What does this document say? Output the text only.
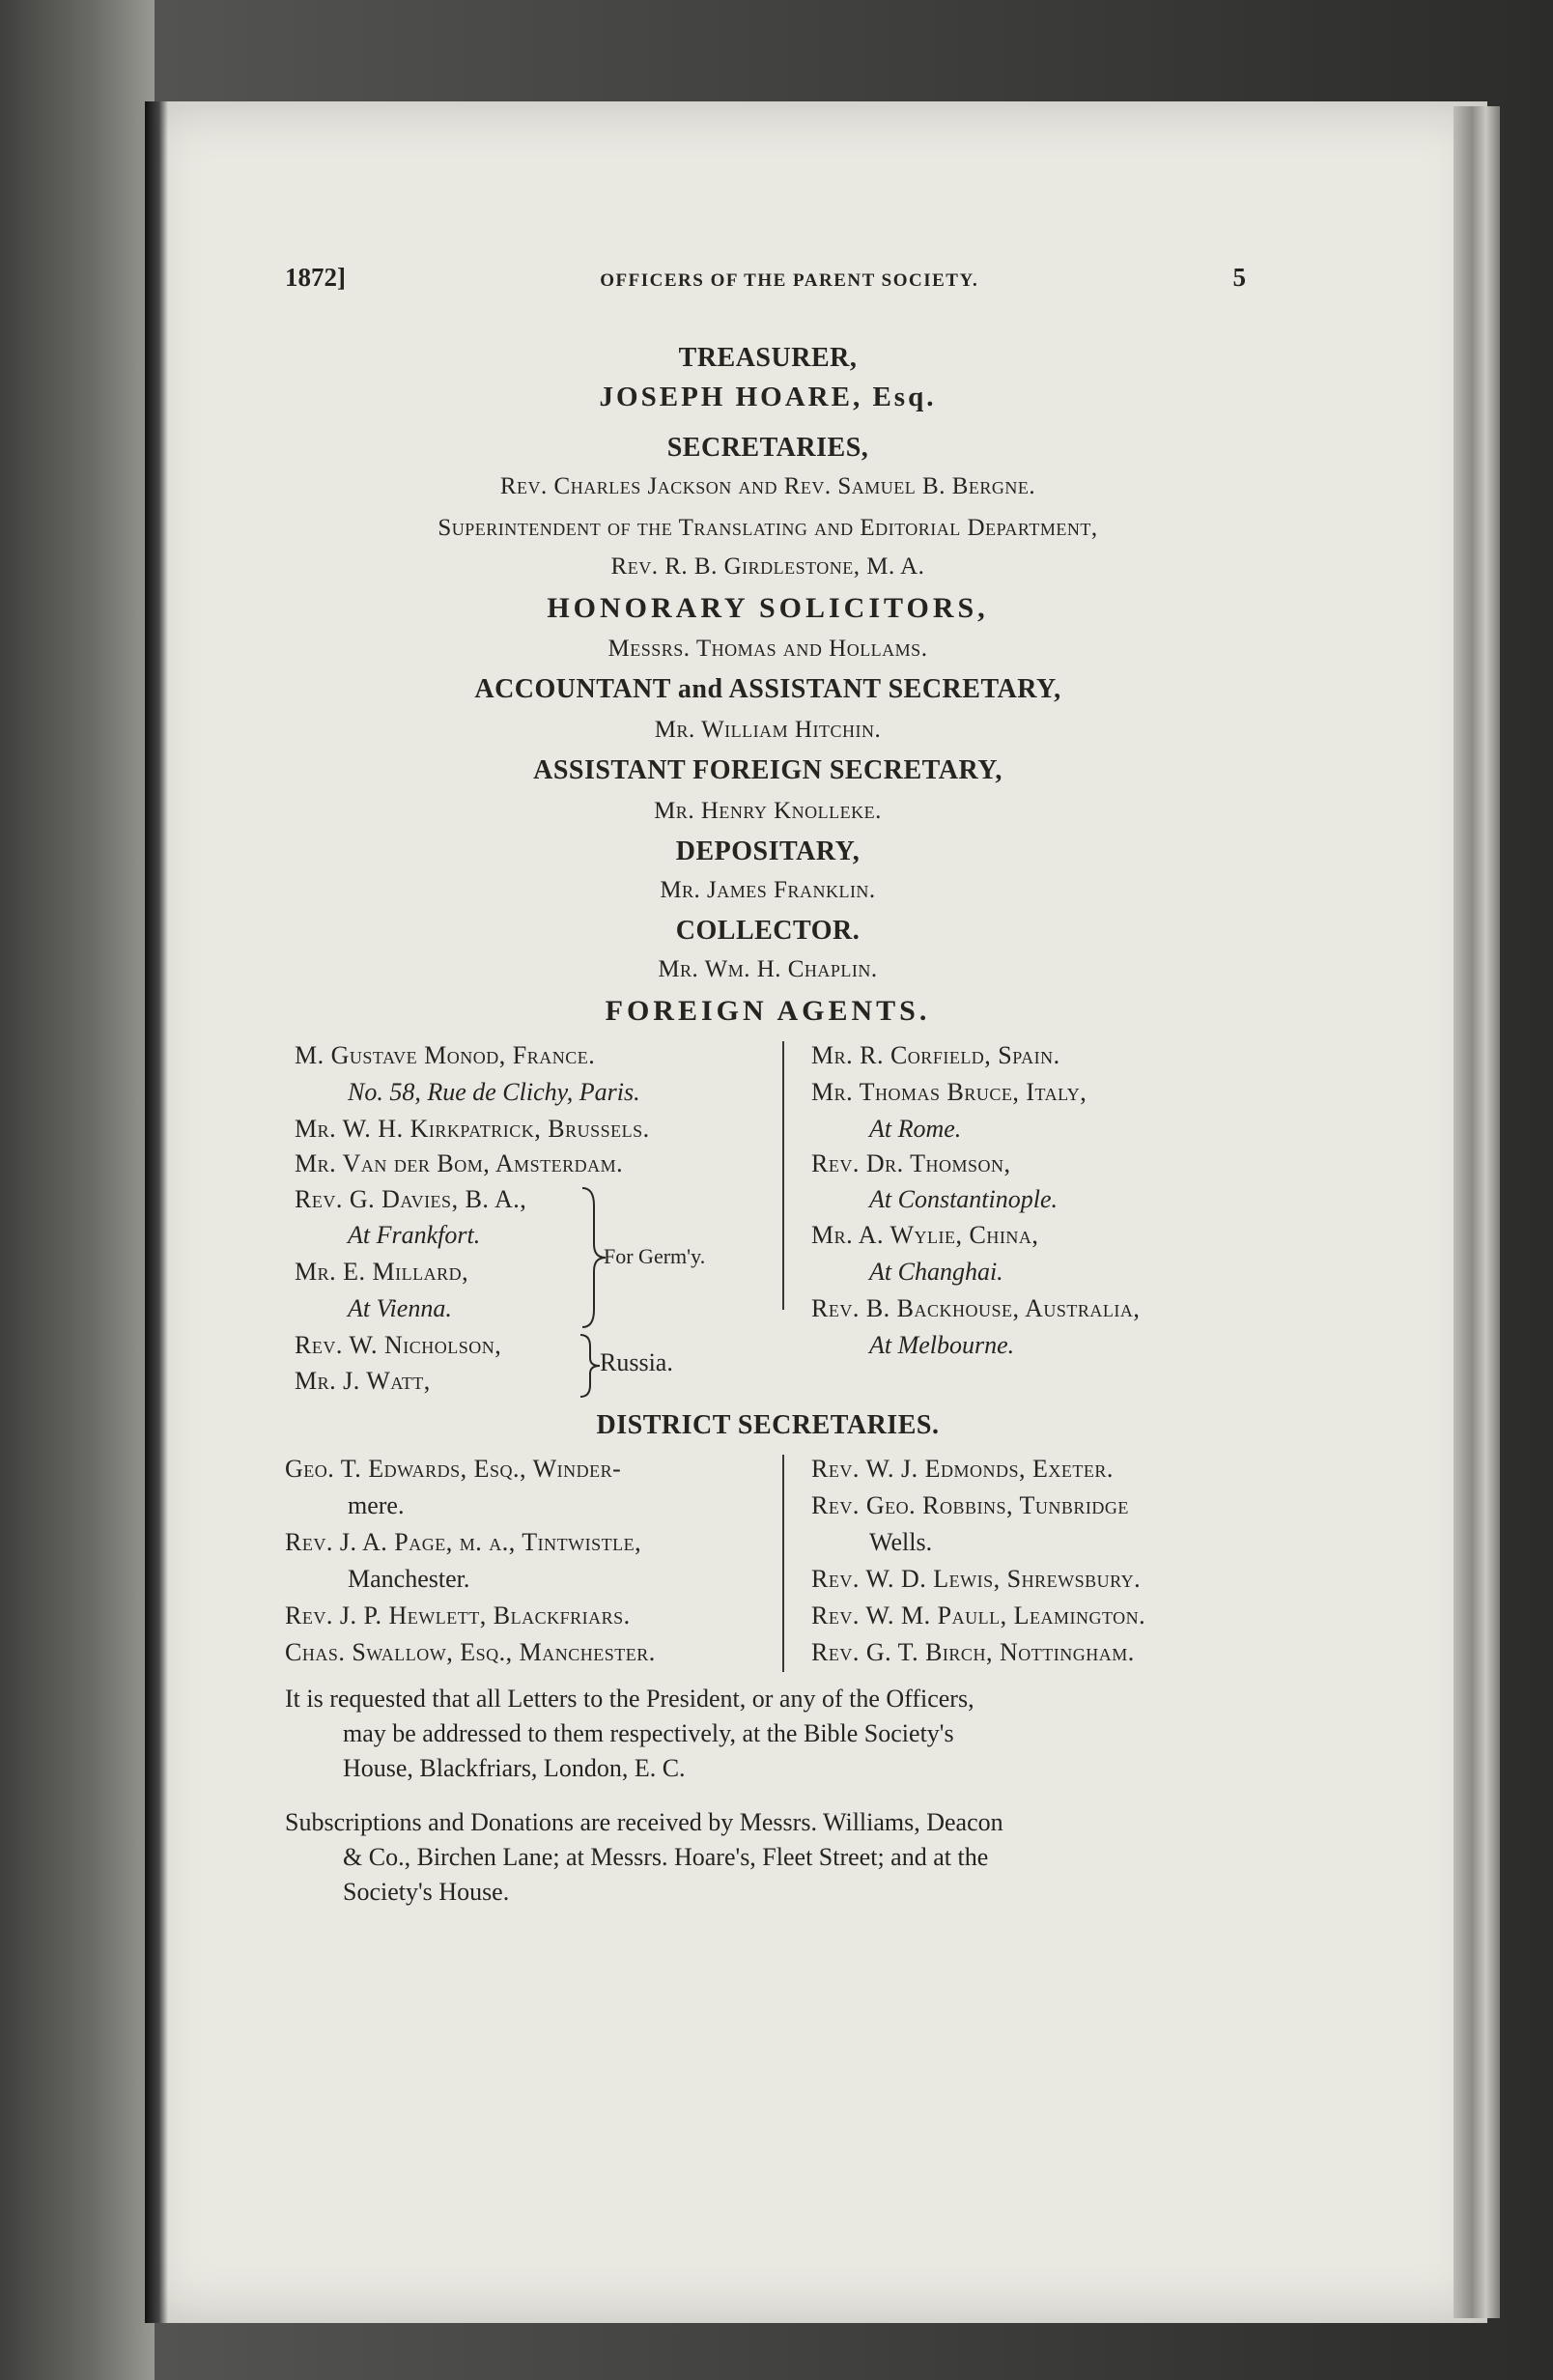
1872]	OFFICERS OF THE PARENT SOCIETY.	5
TREASURER,
JOSEPH HOARE, Esq.
SECRETARIES,
Rev. Charles Jackson and Rev. Samuel B. Bergne.
Superintendent of the Translating and Editorial Department,
Rev. R. B. Girdlestone, M. A.
HONORARY SOLICITORS,
Messrs. Thomas and Hollams.
ACCOUNTANT and ASSISTANT SECRETARY,
Mr. William Hitchin.
ASSISTANT FOREIGN SECRETARY,
Mr. Henry Knolleke.
DEPOSITARY,
Mr. James Franklin.
COLLECTOR.
Mr. Wm. H. Chaplin.
FOREIGN AGENTS.
M. Gustave Monod, France.
No. 58, Rue de Clichy, Paris.
Mr. W. H. Kirkpatrick, Brussels.
Mr. Van der Bom, Amsterdam.
Rev. G. Davies, B. A.,
At Frankfort.
Mr. E. Millard,
At Vienna.
Rev. W. Nicholson,
Mr. J. Watt,
For Germ'y.
Russia.
Mr. R. Corfield, Spain.
Mr. Thomas Bruce, Italy,
At Rome.
Rev. Dr. Thomson,
At Constantinople.
Mr. A. Wylie, China,
At Changhai.
Rev. B. Backhouse, Australia,
At Melbourne.
DISTRICT SECRETARIES.
Geo. T. Edwards, Esq., Winder-
mere.
Rev. J. A. Page, m. a., Tintwistle,
Manchester.
Rev. J. P. Hewlett, Blackfriars.
Chas. Swallow, Esq., Manchester.
Rev. W. J. Edmonds, Exeter.
Rev. Geo. Robbins, Tunbridge
Wells.
Rev. W. D. Lewis, Shrewsbury.
Rev. W. M. Paull, Leamington.
Rev. G. T. Birch, Nottingham.
It is requested that all Letters to the President, or any of the Officers,
may be addressed to them respectively, at the Bible Society's
House, Blackfriars, London, E. C.
Subscriptions and Donations are received by Messrs. Williams, Deacon
& Co., Birchen Lane; at Messrs. Hoare's, Fleet Street; and at the
Society's House.
